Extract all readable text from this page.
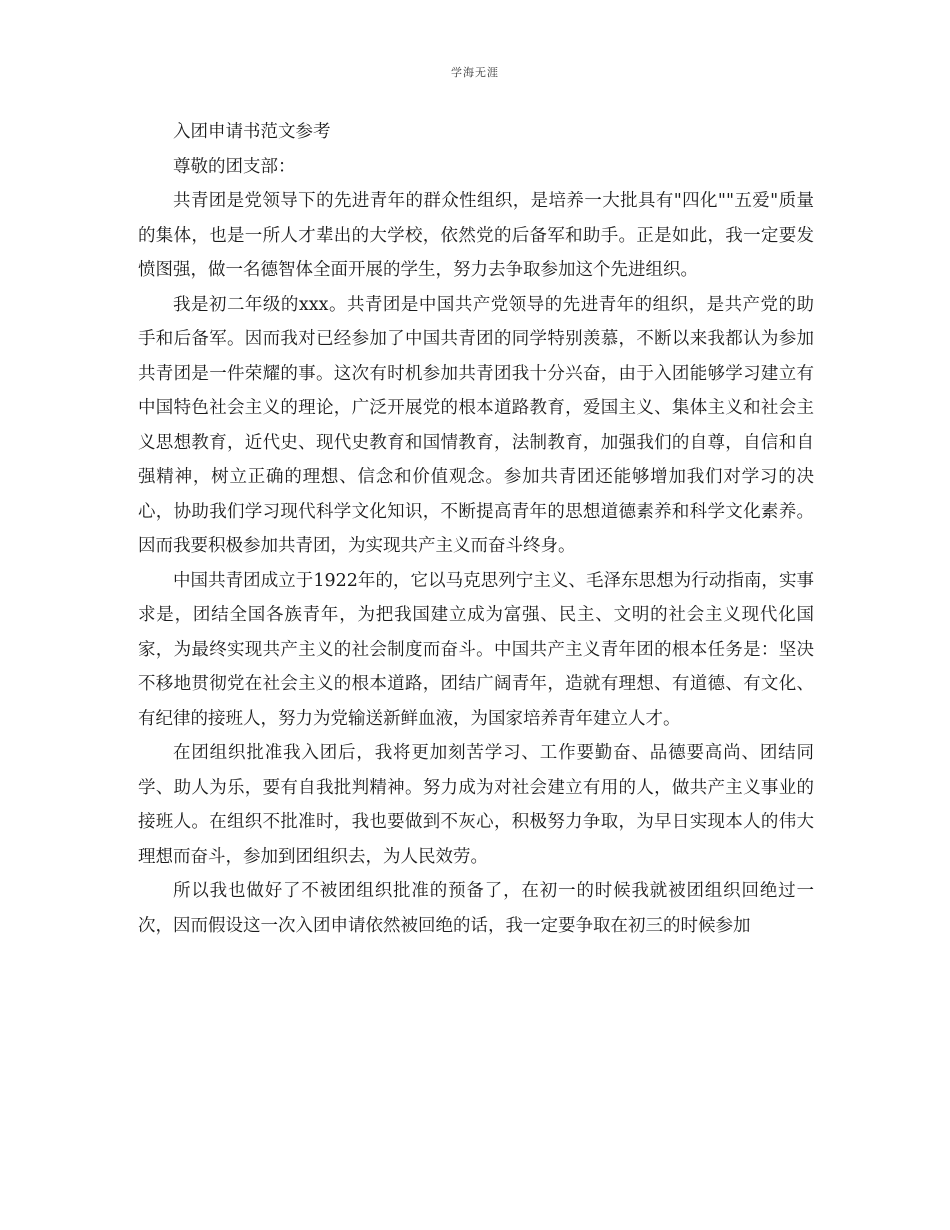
学海无涯

入团申请书范文参考

尊敬的团支部：

共青团是党领导下的先进青年的群众性组织，是培养一大批具有"四化""五爱"质量的集体，也是一所人才辈出的大学校，依然党的后备军和助手。正是如此，我一定要发愤图强，做一名德智体全面开展的学生，努力去争取参加这个先进组织。

我是初二年级的xxx。共青团是中国共产党领导的先进青年的组织，是共产党的助手和后备军。因而我对已经参加了中国共青团的同学特别羡慕，不断以来我都认为参加共青团是一件荣耀的事。这次有时机参加共青团我十分兴奋，由于入团能够学习建立有中国特色社会主义的理论，广泛开展党的根本道路教育，爱国主义、集体主义和社会主义思想教育，近代史、现代史教育和国情教育，法制教育，加强我们的自尊，自信和自强精神，树立正确的理想、信念和价值观念。参加共青团还能够增加我们对学习的决心，协助我们学习现代科学文化知识，不断提高青年的思想道德素养和科学文化素养。因而我要积极参加共青团，为实现共产主义而奋斗终身。

中国共青团成立于1922年的，它以马克思列宁主义、毛泽东思想为行动指南，实事求是，团结全国各族青年，为把我国建立成为富强、民主、文明的社会主义现代化国家，为最终实现共产主义的社会制度而奋斗。中国共产主义青年团的根本任务是：坚决不移地贯彻党在社会主义的根本道路，团结广阔青年，造就有理想、有道德、有文化、有纪律的接班人，努力为党输送新鲜血液，为国家培养青年建立人才。

在团组织批准我入团后，我将更加刻苦学习、工作要勤奋、品德要高尚、团结同学、助人为乐，要有自我批判精神。努力成为对社会建立有用的人，做共产主义事业的接班人。在组织不批准时，我也要做到不灰心，积极努力争取，为早日实现本人的伟大理想而奋斗，参加到团组织去，为人民效劳。

所以我也做好了不被团组织批准的预备了，在初一的时候我就被团组织回绝过一次，因而假设这一次入团申请依然被回绝的话，我一定要争取在初三的时候参加
